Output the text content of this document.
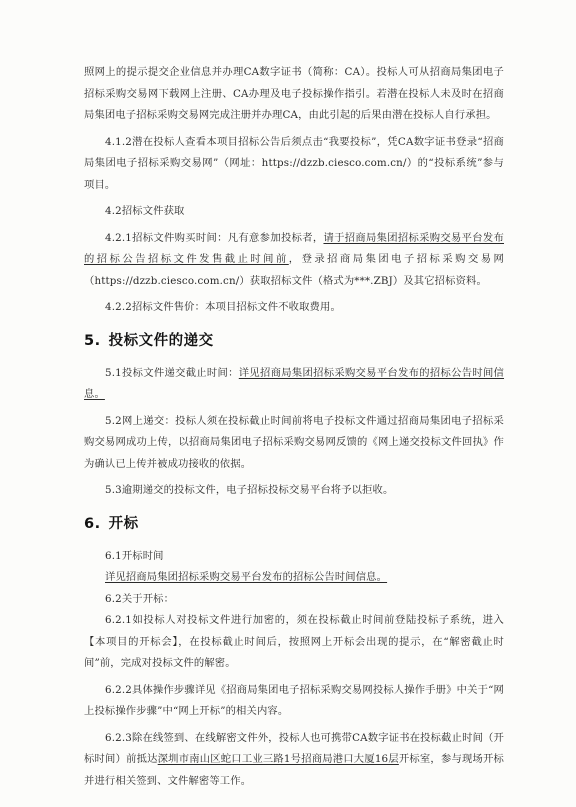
照网上的提示提交企业信息并办理CA数字证书（简称：CA）。投标人可从招商局集团电子招标采购交易网下载网上注册、CA办理及电子投标操作指引。若潜在投标人未及时在招商局集团电子招标采购交易网完成注册并办理CA，由此引起的后果由潜在投标人自行承担。

4.1.2潜在投标人查看本项目招标公告后须点击“我要投标”，凭CA数字证书登录“招商局集团电子招标采购交易网”（网址：https://dzzb.ciesco.com.cn/）的“投标系统”参与项目。

4.2招标文件获取

4.2.1招标文件购买时间：凡有意参加投标者，请于招商局集团招标采购交易平台发布的招标公告招标文件发售截止时间前，登录招商局集团电子招标采购交易网（https://dzzb.ciesco.com.cn/）获取招标文件（格式为***.ZBJ）及其它招标资料。

4.2.2招标文件售价：本项目招标文件不收取费用。

5. 投标文件的递交

5.1投标文件递交截止时间：详见招商局集团招标采购交易平台发布的招标公告时间信息。

5.2网上递交：投标人须在投标截止时间前将电子投标文件通过招商局集团电子招标采购交易网成功上传，以招商局集团电子招标采购交易网反馈的《网上递交投标文件回执》作为确认已上传并被成功接收的依据。

5.3逾期递交的投标文件，电子招标投标交易平台将予以拒收。

6. 开标

6.1开标时间

详见招商局集团招标采购交易平台发布的招标公告时间信息。

6.2关于开标：

6.2.1如投标人对投标文件进行加密的，须在投标截止时间前登陆投标子系统，进入【本项目的开标会】，在投标截止时间后，按照网上开标会出现的提示，在“解密截止时间”前，完成对投标文件的解密。

6.2.2具体操作步骤详见《招商局集团电子招标采购交易网投标人操作手册》中关于“网上投标操作步骤”中“网上开标”的相关内容。

6.2.3除在线签到、在线解密文件外，投标人也可携带CA数字证书在投标截止时间（开标时间）前抵达深圳市南山区蛇口工业三路1号招商局港口大厦16层开标室，参与现场开标并进行相关签到、文件解密等工作。
